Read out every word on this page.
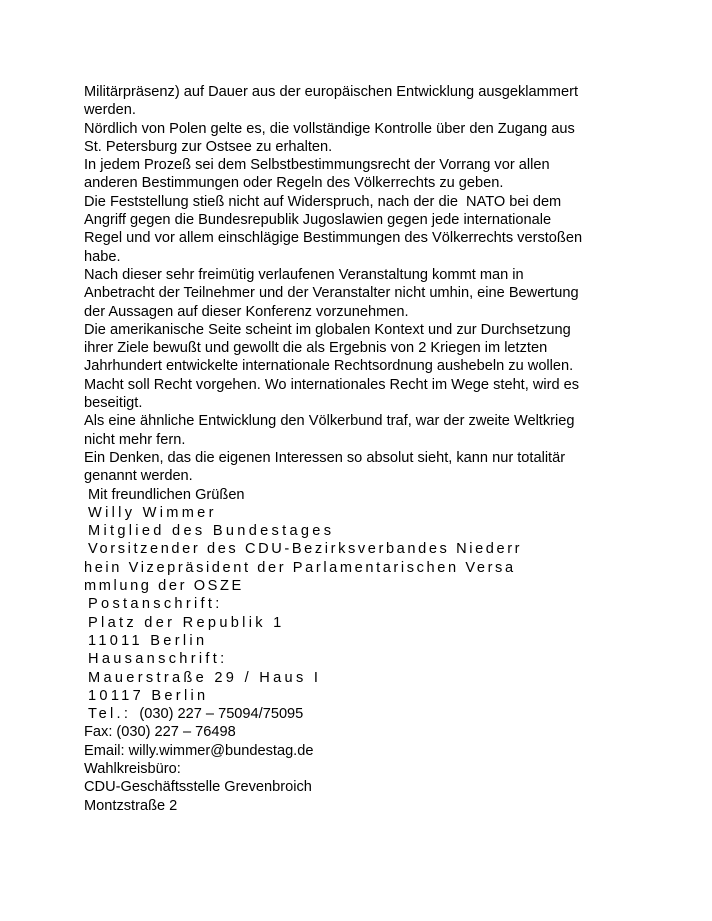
Militärpräsenz) auf Dauer aus der europäischen Entwicklung ausgeklammert

werden.

Nördlich von Polen gelte es, die vollständige Kontrolle über den Zugang aus

St. Petersburg zur Ostsee zu erhalten.

In jedem Prozeß sei dem Selbstbestimmungsrecht der Vorrang vor allen

anderen Bestimmungen oder Regeln des Völkerrechts zu geben.

Die Feststellung stieß nicht auf Widerspruch, nach der die  NATO bei dem

Angriff gegen die Bundesrepublik Jugoslawien gegen jede internationale

Regel und vor allem einschlägige Bestimmungen des Völkerrechts verstoßen

habe.

Nach dieser sehr freimütig verlaufenen Veranstaltung kommt man in

Anbetracht der Teilnehmer und der Veranstalter nicht umhin, eine Bewertung

der Aussagen auf dieser Konferenz vorzunehmen.

Die amerikanische Seite scheint im globalen Kontext und zur Durchsetzung

ihrer Ziele bewußt und gewollt die als Ergebnis von 2 Kriegen im letzten

Jahrhundert entwickelte internationale Rechtsordnung aushebeln zu wollen.

Macht soll Recht vorgehen. Wo internationales Recht im Wege steht, wird es

beseitigt.

Als eine ähnliche Entwicklung den Völkerbund traf, war der zweite Weltkrieg

nicht mehr fern.

Ein Denken, das die eigenen Interessen so absolut sieht, kann nur totalitär

genannt werden.

Mit freundlichen Grüßen

Willy Wimmer

Mitglied des Bundestages

Vorsitzender des CDU-Bezirksverbandes Niederr

hein Vizepräsident der Parlamentarischen Versa

mmlung der OSZE

Postanschrift:

Platz der Republik 1

11011 Berlin

Hausanschrift:

Mauerstraße 29 / Haus I

10117 Berlin

Tel.: (030) 227 – 75094/75095

Fax: (030) 227 – 76498

Email: willy.wimmer@bundestag.de

Wahlkreisbüro:

CDU-Geschäftsstelle Grevenbroich

Montzstraße 2
